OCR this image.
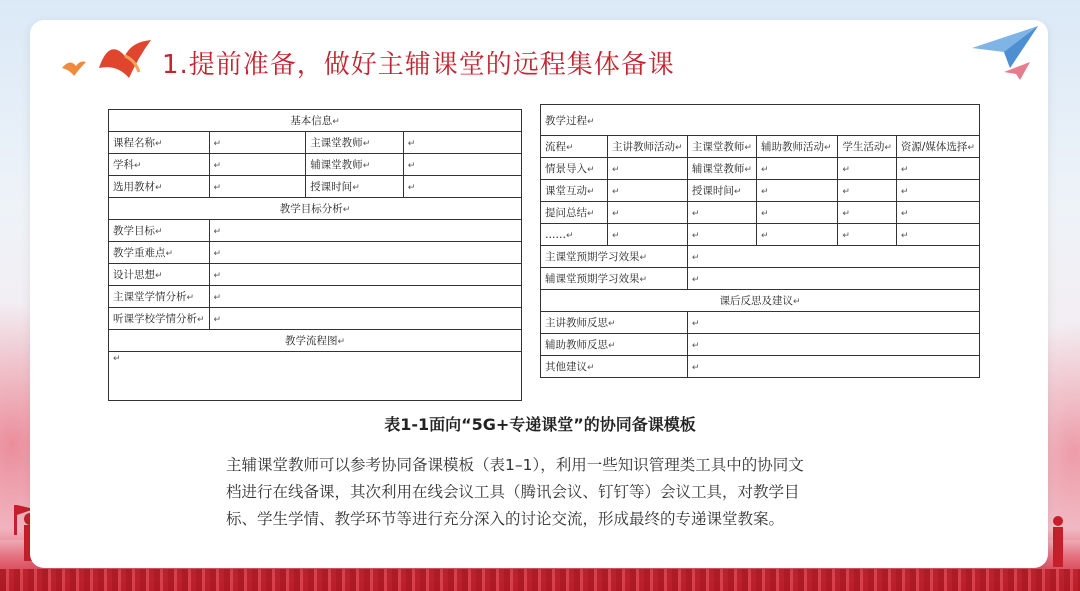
1.提前准备，做好主辅课堂的远程集体备课
基本信息↵			
课程名称↵	↵	主课堂教师↵	↵
学科↵	↵	辅课堂教师↵	↵
选用教材↵	↵	授课时间↵	↵
教学目标分析↵			
教学目标↵	↵		
教学重难点↵	↵		
设计思想↵	↵		
主课堂学情分析↵	↵		
听课学校学情分析↵	↵		
教学流程图↵			
↵			
教学过程↵					
流程↵	主讲教师活动↵	主课堂教师↵	辅助教师活动↵	学生活动↵	资源/媒体选择↵
情景导入↵	↵	辅课堂教师↵	↵	↵	↵
课堂互动↵	↵	授课时间↵	↵	↵	↵
提问总结↵	↵	↵	↵	↵	↵
……↵	↵	↵	↵	↵	↵
主课堂预期学习效果↵		↵			
辅课堂预期学习效果↵		↵			
课后反思及建议↵					
主讲教师反思↵		↵			
辅助教师反思↵		↵			
其他建议↵		↵			
表1-1面向“5G+专递课堂”的协同备课模板

主辅课堂教师可以参考协同备课模板（表1–1），利用一些知识管理类工具中的协同文

档进行在线备课，其次利用在线会议工具（腾讯会议、钉钉等）会议工具，对教学目

标、学生学情、教学环节等进行充分深入的讨论交流，形成最终的专递课堂教案。
